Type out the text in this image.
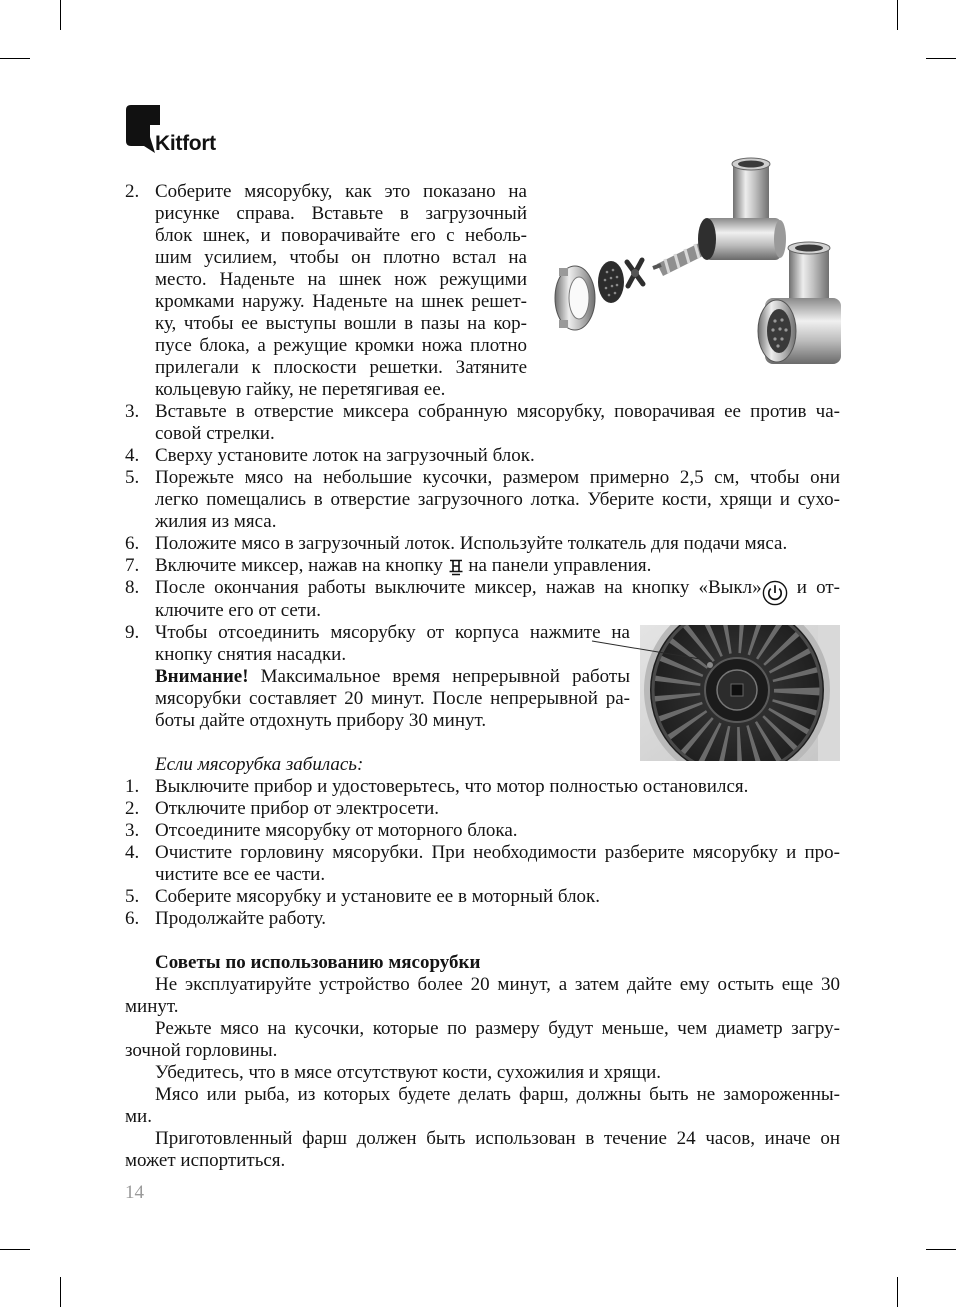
Kitfort
2. Соберите мясорубку, как это показано на
рисунке справа. Вставьте в загрузочный
блок шнек, и поворачивайте его с неболь-
шим усилием, чтобы он плотно встал на
место. Наденьте на шнек нож режущими
кромками наружу. Наденьте на шнек решет-
ку, чтобы ее выступы вошли в пазы на кор-
пусе блока, а режущие кромки ножа плотно
прилегали к плоскости решетки. Затяните
кольцевую гайку, не перетягивая ее.
3. Вставьте в отверстие миксера собранную мясорубку, поворачивая ее против ча-
совой стрелки.
4. Сверху установите лоток на загрузочный блок.
5. Порежьте мясо на небольшие кусочки, размером примерно 2,5 см, чтобы они
легко помещались в отверстие загрузочного лотка. Уберите кости, хрящи и сухо-
жилия из мяса.
6. Положите мясо в загрузочный лоток. Используйте толкатель для подачи мяса.
7. Включите миксер, нажав на кнопку на панели управления.
8. После окончания работы выключите миксер, нажав на кнопку «Выкл» и от-
ключите его от сети.
9. Чтобы отсоединить мясорубку от корпуса нажмите на
кнопку снятия насадки.
Внимание! Максимальное время непрерывной работы
мясорубки составляет 20 минут. После непрерывной ра-
боты дайте отдохнуть прибору 30 минут.
Если мясорубка забилась:
1. Выключите прибор и удостоверьтесь, что мотор полностью остановился.
2. Отключите прибор от электросети.
3. Отсоедините мясорубку от моторного блока.
4. Очистите горловину мясорубки. При необходимости разберите мясорубку и про-
чистите все ее части.
5. Соберите мясорубку и установите ее в моторный блок.
6. Продолжайте работу.
Советы по использованию мясорубки
Не эксплуатируйте устройство более 20 минут, а затем дайте ему остыть еще 30
минут.
Режьте мясо на кусочки, которые по размеру будут меньше, чем диаметр загру-
зочной горловины.
Убедитесь, что в мясе отсутствуют кости, сухожилия и хрящи.
Мясо или рыба, из которых будете делать фарш, должны быть не замороженны-
ми.
Приготовленный фарш должен быть использован в течение 24 часов, иначе он
может испортиться.
14
